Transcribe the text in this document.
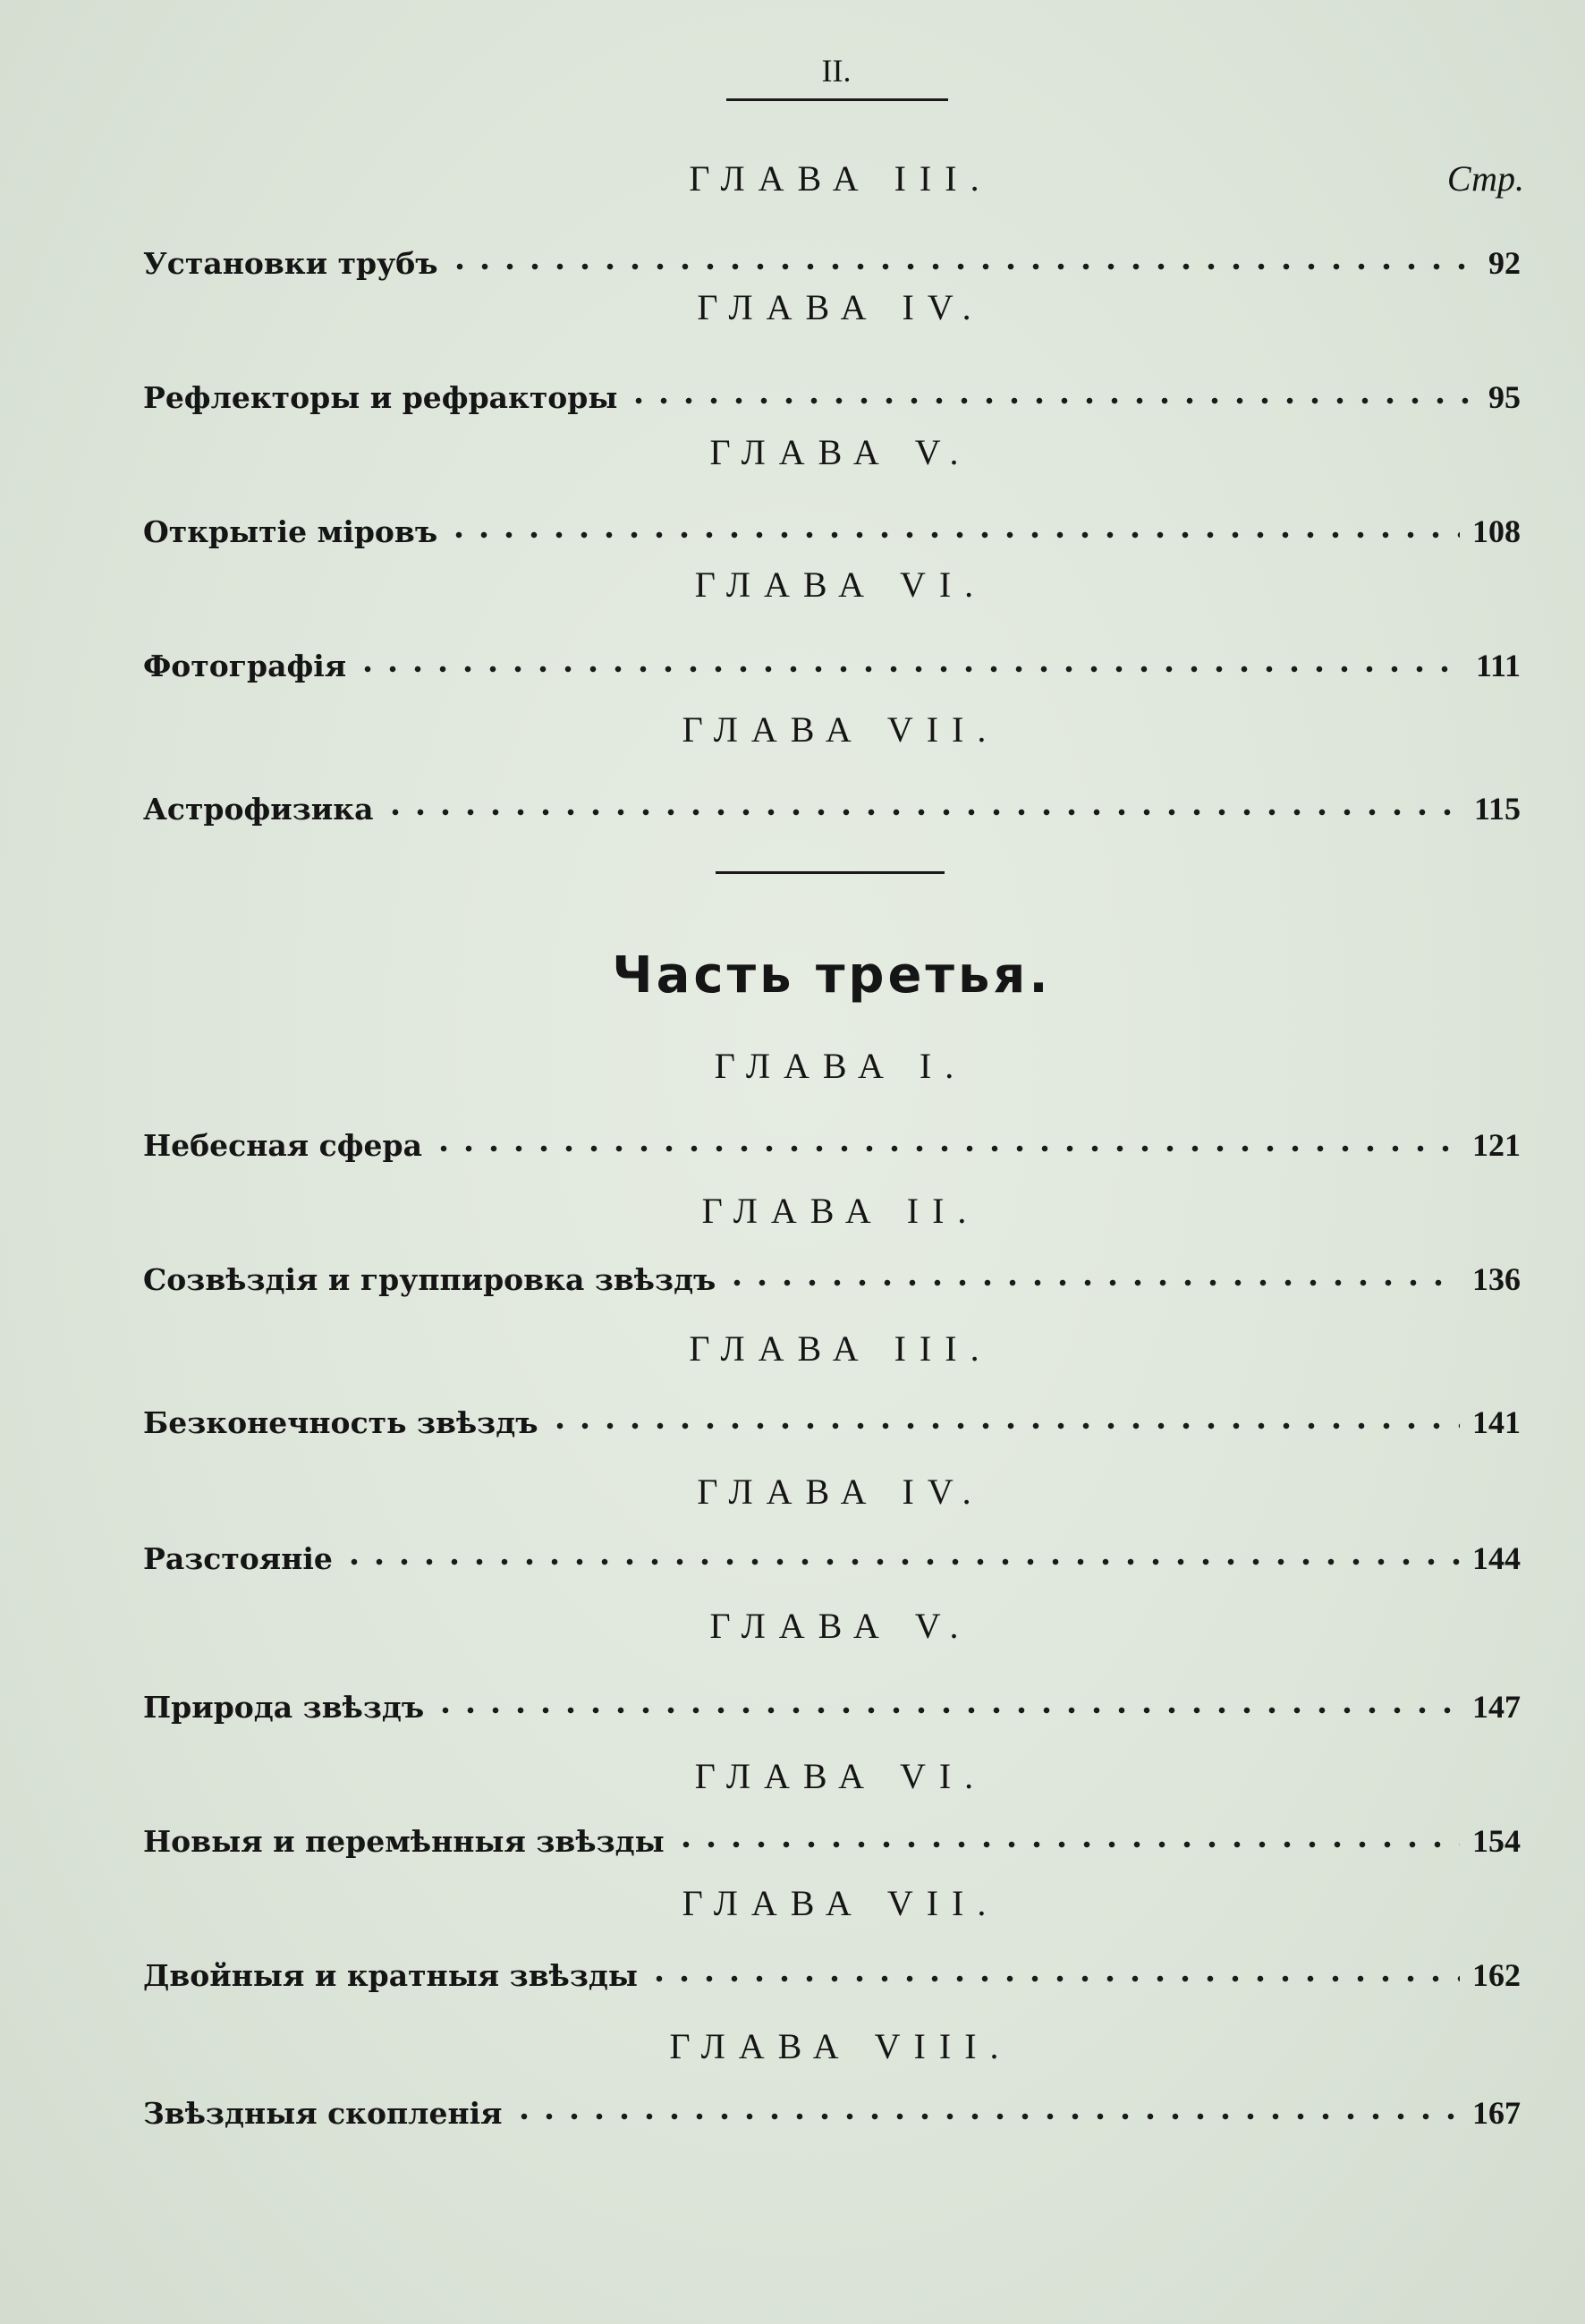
II.
ГЛАВА III.	Стр.
Установки трубъ	92
ГЛАВА IV.
Рефлекторы и рефракторы	95
ГЛАВА V.
Открытіе міровъ	108
ГЛАВА VI.
Фотографія	111
ГЛАВА VII.
Астрофизика	115
Часть третья.
ГЛАВА I.
Небесная сфера	121
ГЛАВА II.
Созвѣздія и группировка звѣздъ	136
ГЛАВА III.
Безконечность звѣздъ	141
ГЛАВА IV.
Разстояніе	144
ГЛАВА V.
Природа звѣздъ	147
ГЛАВА VI.
Новыя и перемѣнныя звѣзды	154
ГЛАВА VII.
Двойныя и кратныя звѣзды	162
ГЛАВА VIII.
Звѣздныя скопленія	167
